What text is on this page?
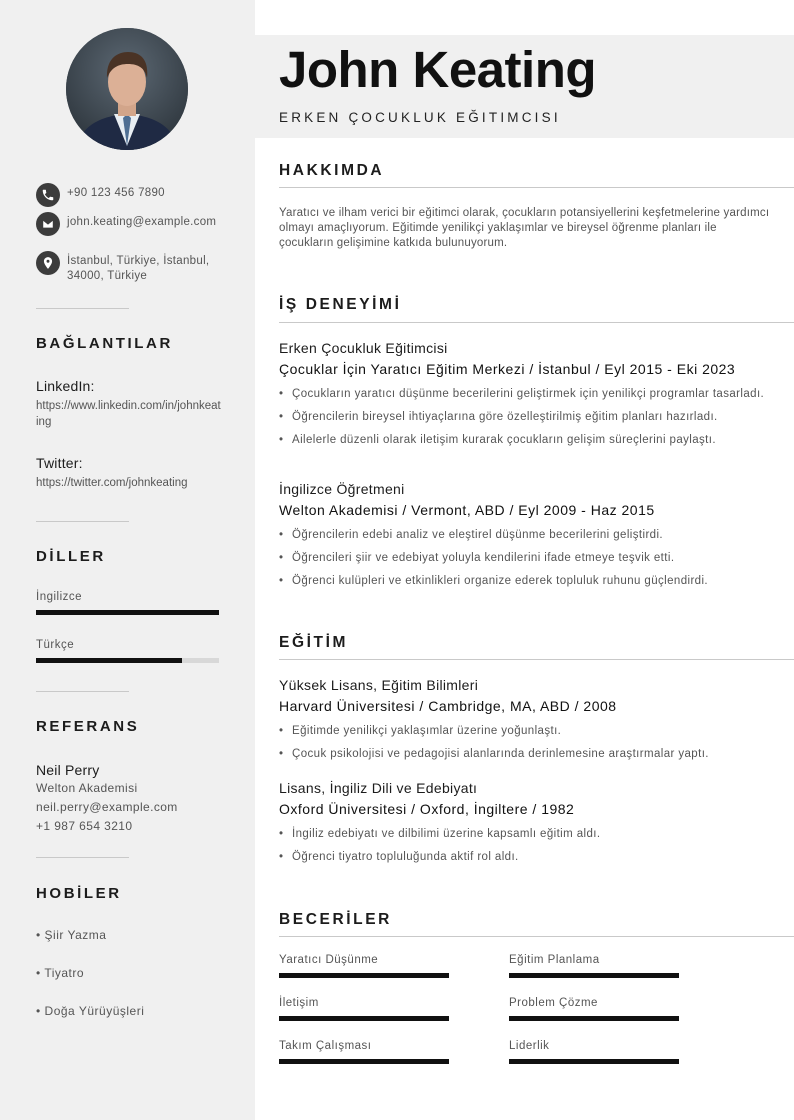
+90 123 456 7890
john.keating@example.com
İstanbul, Türkiye, İstanbul, 34000, Türkiye
BAĞLANTILAR
LinkedIn:
https://www.linkedin.com/in/johnkeating
Twitter:
https://twitter.com/johnkeating
DİLLER
İngilizce
Türkçe
REFERANS
Neil Perry
Welton Akademisi
neil.perry@example.com
+1 987 654 3210
HOBİLER
• Şiir Yazma
• Tiyatro
• Doğa Yürüyüşleri
John Keating
ERKEN ÇOCUKLUK EĞITIMCISI
HAKKIMDA
Yaratıcı ve ilham verici bir eğitimci olarak, çocukların potansiyellerini keşfetmelerine yardımcı olmayı amaçlıyorum. Eğitimde yenilikçi yaklaşımlar ve bireysel öğrenme planları ile çocukların gelişimine katkıda bulunuyorum.
İŞ DENEYİMİ
Erken Çocukluk Eğitimcisi
Çocuklar İçin Yaratıcı Eğitim Merkezi / İstanbul / Eyl 2015 - Eki 2023
• Çocukların yaratıcı düşünme becerilerini geliştirmek için yenilikçi programlar tasarladı.
• Öğrencilerin bireysel ihtiyaçlarına göre özelleştirilmiş eğitim planları hazırladı.
• Ailelerle düzenli olarak iletişim kurarak çocukların gelişim süreçlerini paylaştı.
İngilizce Öğretmeni
Welton Akademisi / Vermont, ABD / Eyl 2009 - Haz 2015
• Öğrencilerin edebi analiz ve eleştirel düşünme becerilerini geliştirdi.
• Öğrencileri şiir ve edebiyat yoluyla kendilerini ifade etmeye teşvik etti.
• Öğrenci kulüpleri ve etkinlikleri organize ederek topluluk ruhunu güçlendirdi.
EĞİTİM
Yüksek Lisans, Eğitim Bilimleri
Harvard Üniversitesi / Cambridge, MA, ABD / 2008
• Eğitimde yenilikçi yaklaşımlar üzerine yoğunlaştı.
• Çocuk psikolojisi ve pedagojisi alanlarında derinlemesine araştırmalar yaptı.
Lisans, İngiliz Dili ve Edebiyatı
Oxford Üniversitesi / Oxford, İngiltere / 1982
• İngiliz edebiyatı ve dilbilimi üzerine kapsamlı eğitim aldı.
• Öğrenci tiyatro topluluğunda aktif rol aldı.
BECERİLER
Yaratıcı Düşünme	Eğitim Planlama
İletişim	Problem Çözme
Takım Çalışması	Liderlik
